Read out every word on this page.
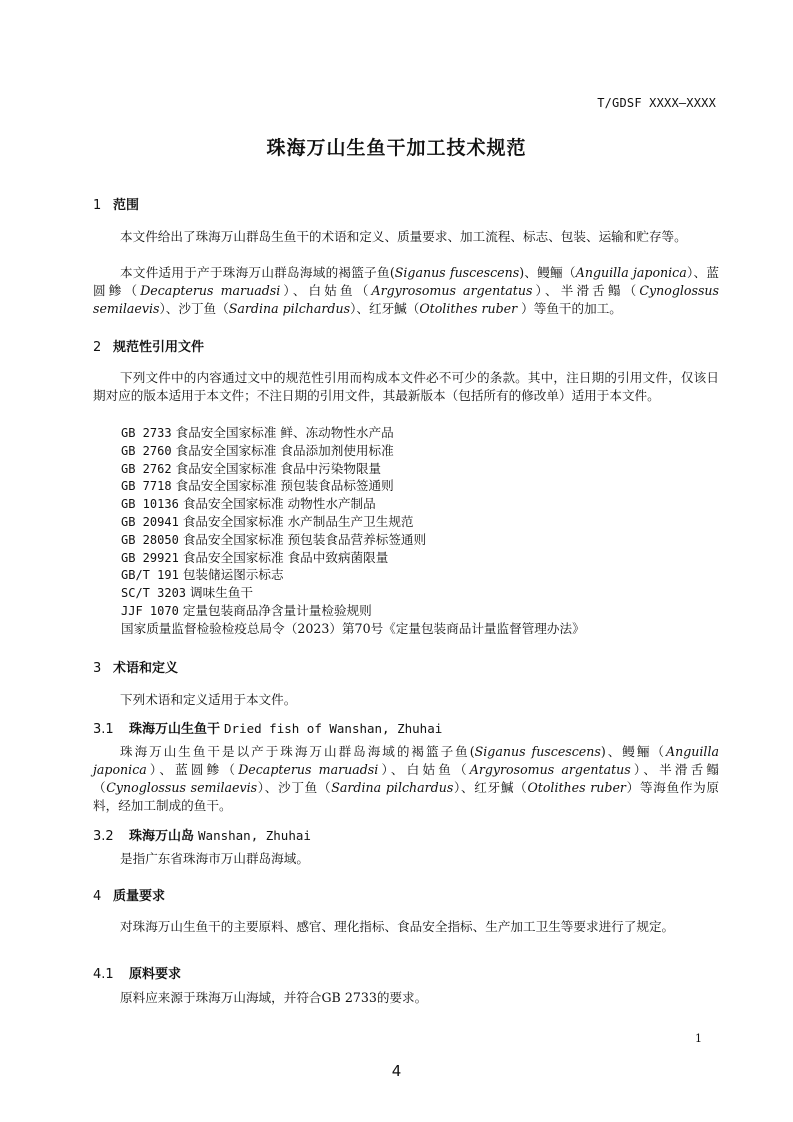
T/GDSF XXXX—XXXX
珠海万山生鱼干加工技术规范
1 范围
本文件给出了珠海万山群岛生鱼干的术语和定义、质量要求、加工流程、标志、包装、运输和贮存等。
本文件适用于产于珠海万山群岛海域的褐篮子鱼(Siganus fuscescens)、鳗鲡（Anguilla japonica）、蓝圆鲹（Decapterus maruadsi）、白姑鱼（Argyrosomus argentatus）、半滑舌鳎（Cynoglossus semilaevis）、沙丁鱼（Sardina pilchardus）、红牙鰔（Otolithes ruber ）等鱼干的加工。
2 规范性引用文件
下列文件中的内容通过文中的规范性引用而构成本文件必不可少的条款。其中，注日期的引用文件，仅该日期对应的版本适用于本文件；不注日期的引用文件，其最新版本（包括所有的修改单）适用于本文件。
GB 2733 食品安全国家标准 鲜、冻动物性水产品
GB 2760 食品安全国家标准 食品添加剂使用标准
GB 2762 食品安全国家标准 食品中污染物限量
GB 7718 食品安全国家标准 预包装食品标签通则
GB 10136 食品安全国家标准 动物性水产制品
GB 20941 食品安全国家标准 水产制品生产卫生规范
GB 28050 食品安全国家标准 预包装食品营养标签通则
GB 29921 食品安全国家标准 食品中致病菌限量
GB/T 191 包装储运图示标志
SC/T 3203 调味生鱼干
JJF 1070 定量包装商品净含量计量检验规则
国家质量监督检验检疫总局令（2023）第70号《定量包装商品计量监督管理办法》
3 术语和定义
下列术语和定义适用于本文件。
3.1 珠海万山生鱼干 Dried fish of Wanshan, Zhuhai
珠海万山生鱼干是以产于珠海万山群岛海域的褐篮子鱼(Siganus fuscescens)、鳗鲡（Anguilla japonica）、蓝圆鲹（Decapterus maruadsi）、白姑鱼（Argyrosomus argentatus）、半滑舌鳎（Cynoglossus semilaevis）、沙丁鱼（Sardina pilchardus）、红牙鰔（Otolithes ruber）等海鱼作为原料，经加工制成的鱼干。
3.2 珠海万山岛 Wanshan, Zhuhai
是指广东省珠海市万山群岛海域。
4 质量要求
对珠海万山生鱼干的主要原料、感官、理化指标、食品安全指标、生产加工卫生等要求进行了规定。
4.1 原料要求
原料应来源于珠海万山海域，并符合GB 2733的要求。
1
4
